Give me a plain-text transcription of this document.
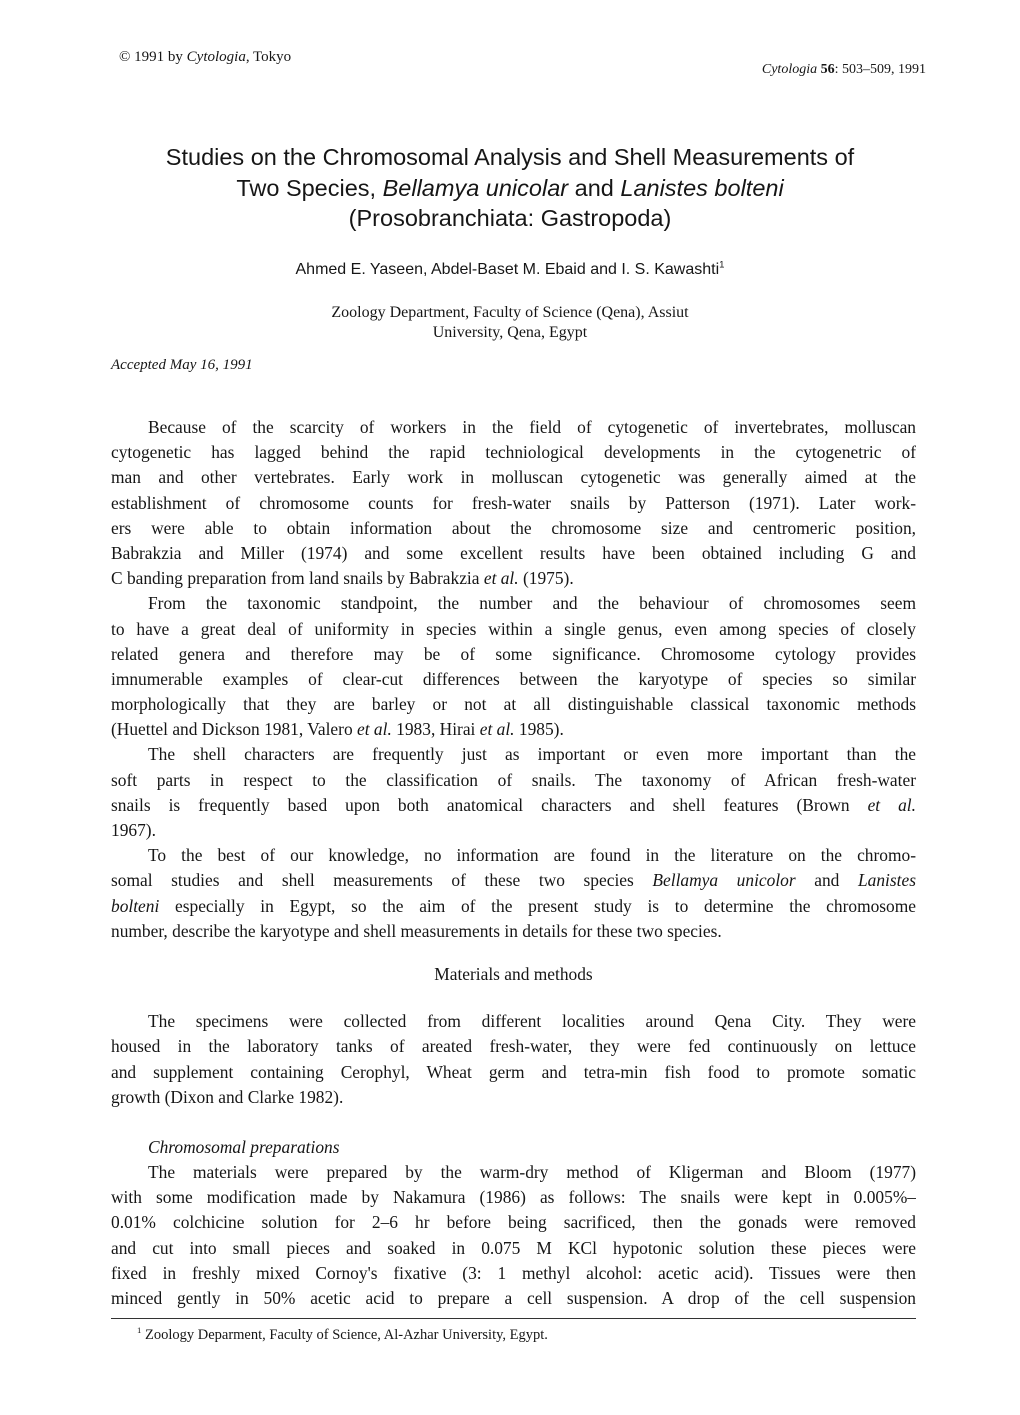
© 1991 by Cytologia, Tokyo
Cytologia 56: 503–509, 1991
Studies on the Chromosomal Analysis and Shell Measurements of
Two Species, Bellamya unicolar and Lanistes bolteni
(Prosobranchiata: Gastropoda)
Ahmed E. Yaseen, Abdel-Baset M. Ebaid and I. S. Kawashti$^1$
Zoology Department, Faculty of Science (Qena), Assiut
University, Qena, Egypt
Accepted May 16, 1991
Because of the scarcity of workers in the field of cytogenetic of invertebrates, molluscan
cytogenetic has lagged behind the rapid techniological developments in the cytogenetric of
man and other vertebrates. Early work in molluscan cytogenetic was generally aimed at the
establishment of chromosome counts for fresh-water snails by Patterson (1971). Later work-
ers were able to obtain information about the chromosome size and centromeric position,
Babrakzia and Miller (1974) and some excellent results have been obtained including G and
C banding preparation from land snails by Babrakzia et al. (1975).
From the taxonomic standpoint, the number and the behaviour of chromosomes seem
to have a great deal of uniformity in species within a single genus, even among species of closely
related genera and therefore may be of some significance. Chromosome cytology provides
imnumerable examples of clear-cut differences between the karyotype of species so similar
morphologically that they are barley or not at all distinguishable classical taxonomic methods
(Huettel and Dickson 1981, Valero et al. 1983, Hirai et al. 1985).
The shell characters are frequently just as important or even more important than the
soft parts in respect to the classification of snails. The taxonomy of African fresh-water
snails is frequently based upon both anatomical characters and shell features (Brown et al.
1967).
To the best of our knowledge, no information are found in the literature on the chromo-
somal studies and shell measurements of these two species Bellamya unicolor and Lanistes
bolteni especially in Egypt, so the aim of the present study is to determine the chromosome
number, describe the karyotype and shell measurements in details for these two species.
Materials and methods
The specimens were collected from different localities around Qena City. They were
housed in the laboratory tanks of areated fresh-water, they were fed continuously on lettuce
and supplement containing Cerophyl, Wheat germ and tetra-min fish food to promote somatic
growth (Dixon and Clarke 1982).
Chromosomal preparations
The materials were prepared by the warm-dry method of Kligerman and Bloom (1977)
with some modification made by Nakamura (1986) as follows: The snails were kept in 0.005%–
0.01% colchicine solution for 2–6 hr before being sacrificed, then the gonads were removed
and cut into small pieces and soaked in 0.075 M KCl hypotonic solution these pieces were
fixed in freshly mixed Cornoy's fixative (3: 1 methyl alcohol: acetic acid). Tissues were then
minced gently in 50% acetic acid to prepare a cell suspension. A drop of the cell suspension
$^1$ Zoology Deparment, Faculty of Science, Al-Azhar University, Egypt.
